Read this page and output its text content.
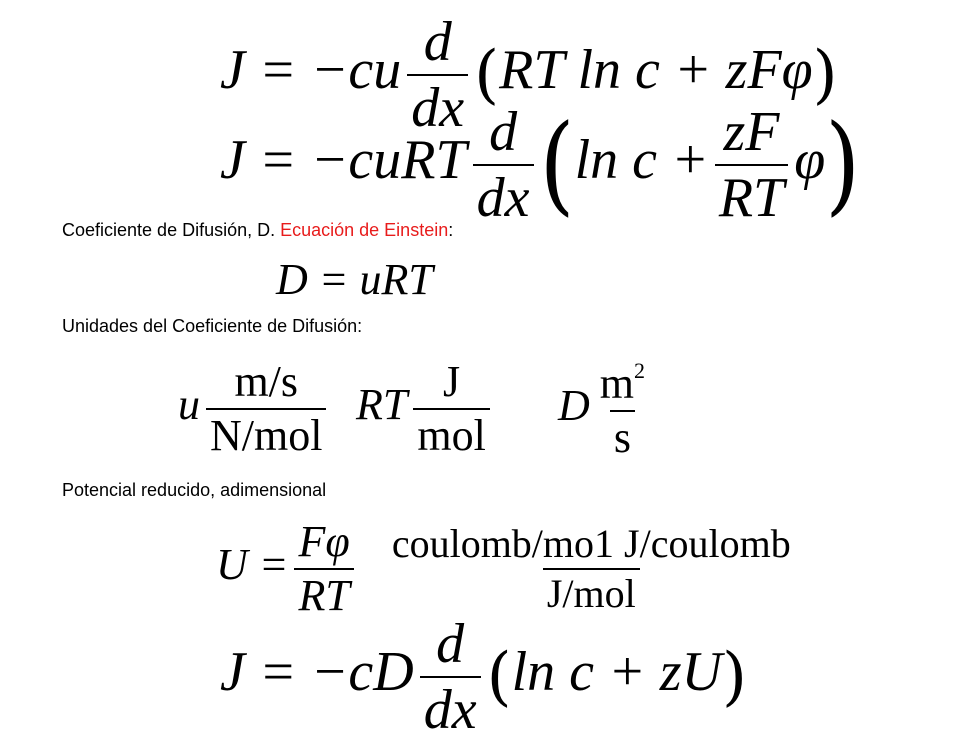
$J = -cu \frac{d}{dx} (RT$ ln c + zFφ)
J = −cuRT $\frac{d}{dx} (\ln$ $c + \frac{zF}{RT} \varphi$)
Coeficiente de Difusión, D. Ecuación de Einstein:
D = uRT
Unidades del Coeficiente de Difusión:
u $\frac{m/s}{\text{N/mol}}$ RT $\frac{J}{\text{mol}}$ D $\frac{m^2}{s}$
Potencial reducido, adimensional
$U = \frac{F\varphi}{RT} \frac{\text{coulomb/mo1 J/coulomb}}{\text{J/mol}}$
$J = -cD \frac{d}{dx} (\ln$ c + zU)
